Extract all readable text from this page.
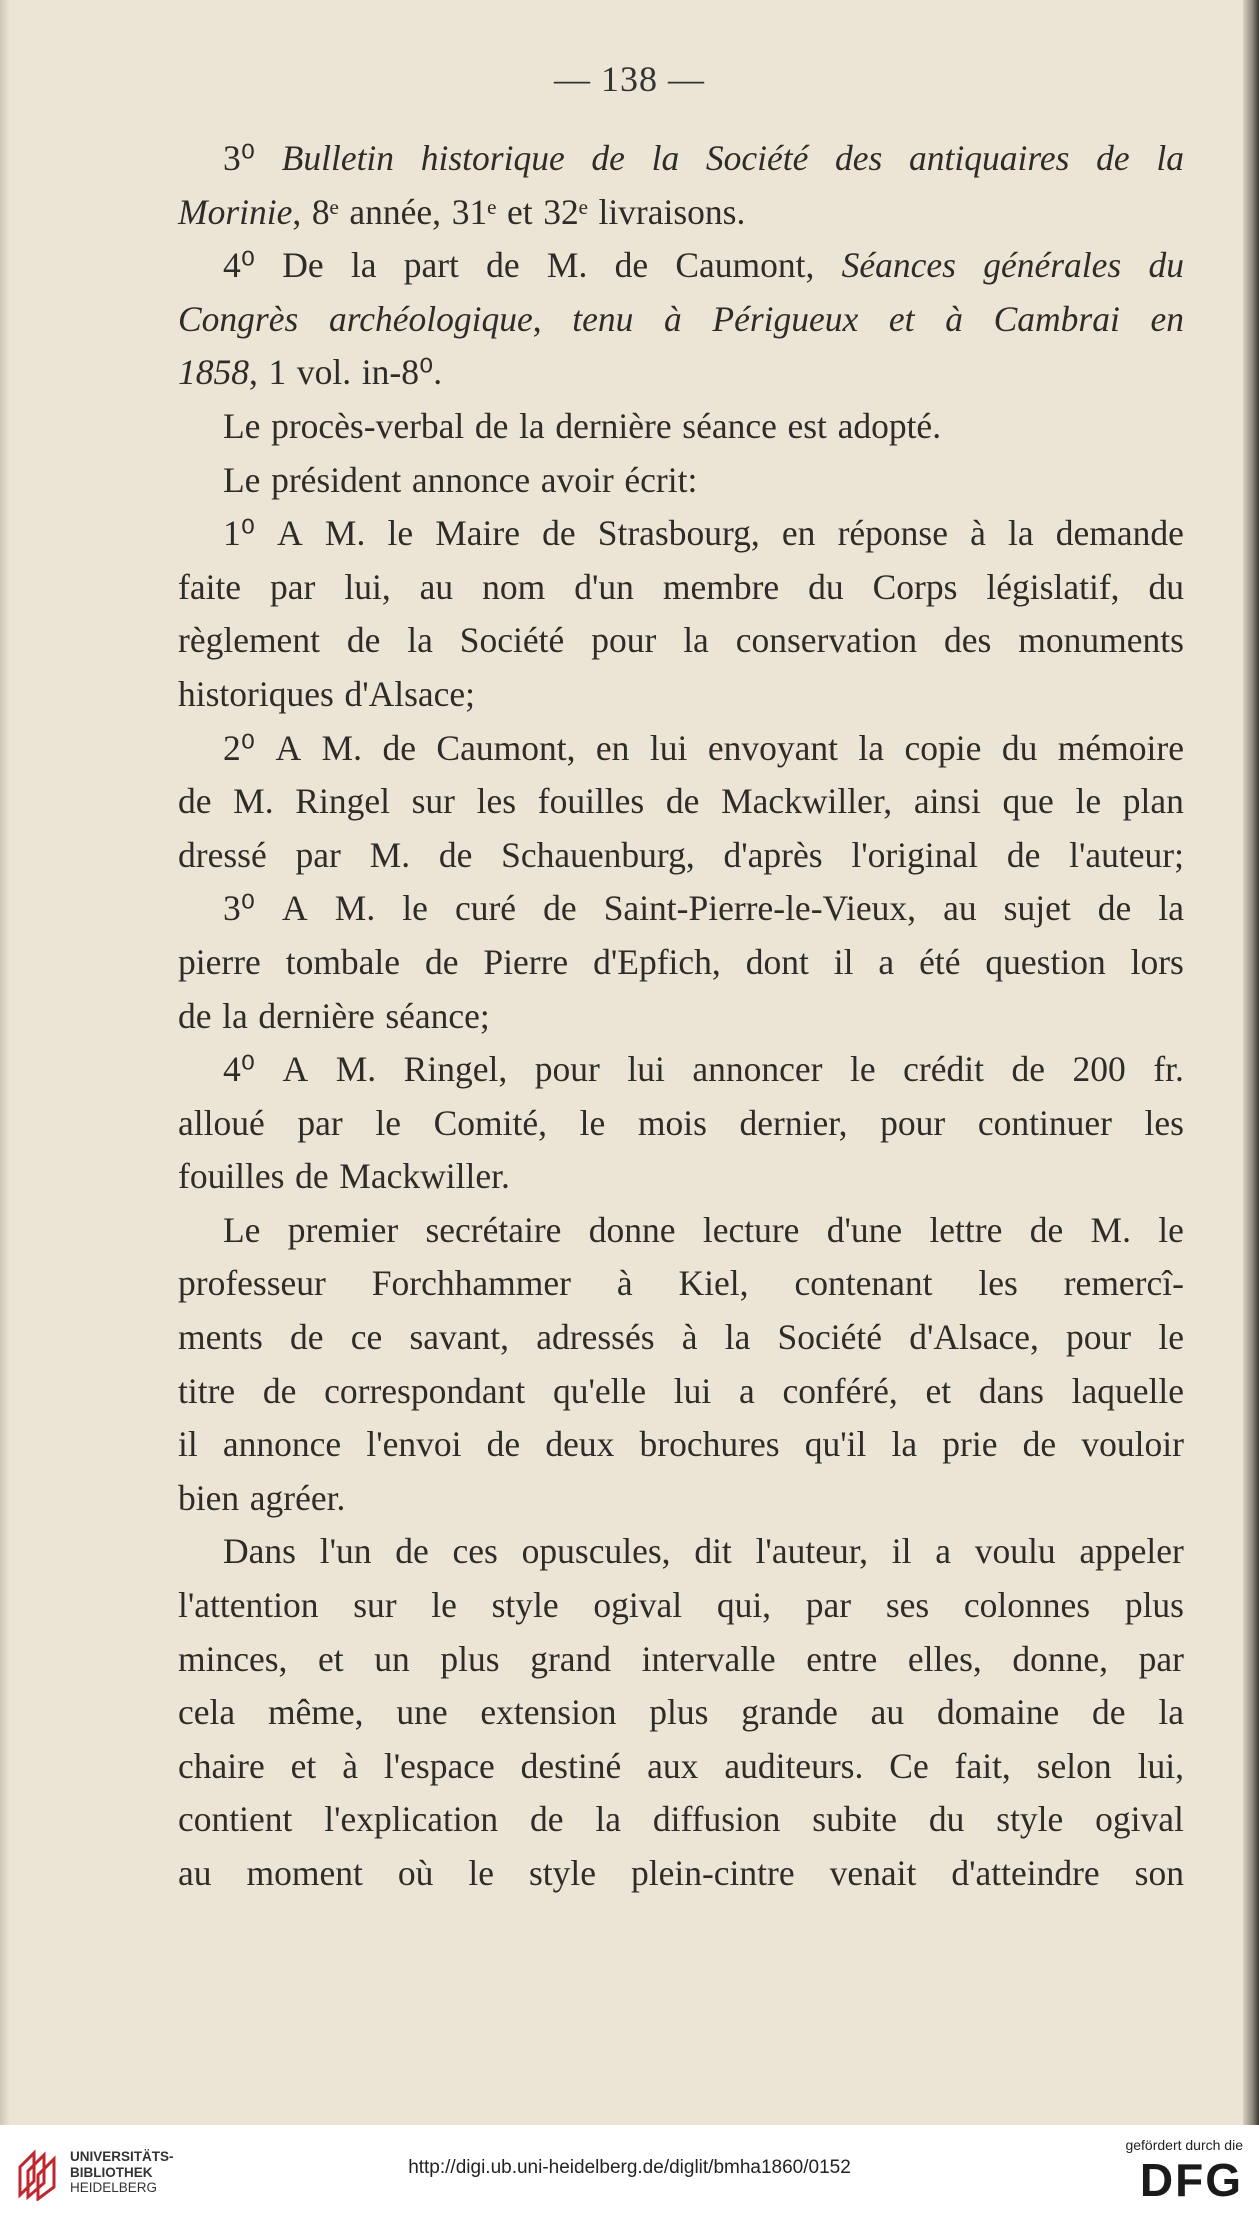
— 138 —
3⁰ Bulletin historique de la Société des antiquaires de la
Morinie, 8ᵉ année, 31ᵉ et 32ᵉ livraisons.
4⁰ De la part de M. de Caumont, Séances générales du
Congrès archéologique, tenu à Périgueux et à Cambrai en
1858, 1 vol. in-8⁰.
Le procès-verbal de la dernière séance est adopté.
Le président annonce avoir écrit:
1⁰ A M. le Maire de Strasbourg, en réponse à la demande
faite par lui, au nom d'un membre du Corps législatif, du
règlement de la Société pour la conservation des monuments
historiques d'Alsace;
2⁰ A M. de Caumont, en lui envoyant la copie du mémoire
de M. Ringel sur les fouilles de Mackwiller, ainsi que le plan
dressé par M. de Schauenburg, d'après l'original de l'auteur;
3⁰ A M. le curé de Saint-Pierre-le-Vieux, au sujet de la
pierre tombale de Pierre d'Epfich, dont il a été question lors
de la dernière séance;
4⁰ A M. Ringel, pour lui annoncer le crédit de 200 fr.
alloué par le Comité, le mois dernier, pour continuer les
fouilles de Mackwiller.
Le premier secrétaire donne lecture d'une lettre de M. le
professeur Forchhammer à Kiel, contenant les remercî-
ments de ce savant, adressés à la Société d'Alsace, pour le
titre de correspondant qu'elle lui a conféré, et dans laquelle
il annonce l'envoi de deux brochures qu'il la prie de vouloir
bien agréer.
Dans l'un de ces opuscules, dit l'auteur, il a voulu appeler
l'attention sur le style ogival qui, par ses colonnes plus
minces, et un plus grand intervalle entre elles, donne, par
cela même, une extension plus grande au domaine de la
chaire et à l'espace destiné aux auditeurs. Ce fait, selon lui,
contient l'explication de la diffusion subite du style ogival
au moment où le style plein-cintre venait d'atteindre son
UNIVERSITÄTS-
BIBLIOTHEK
HEIDELBERG
http://digi.ub.uni-heidelberg.de/diglit/bmha1860/0152
gefördert durch die
DFG
